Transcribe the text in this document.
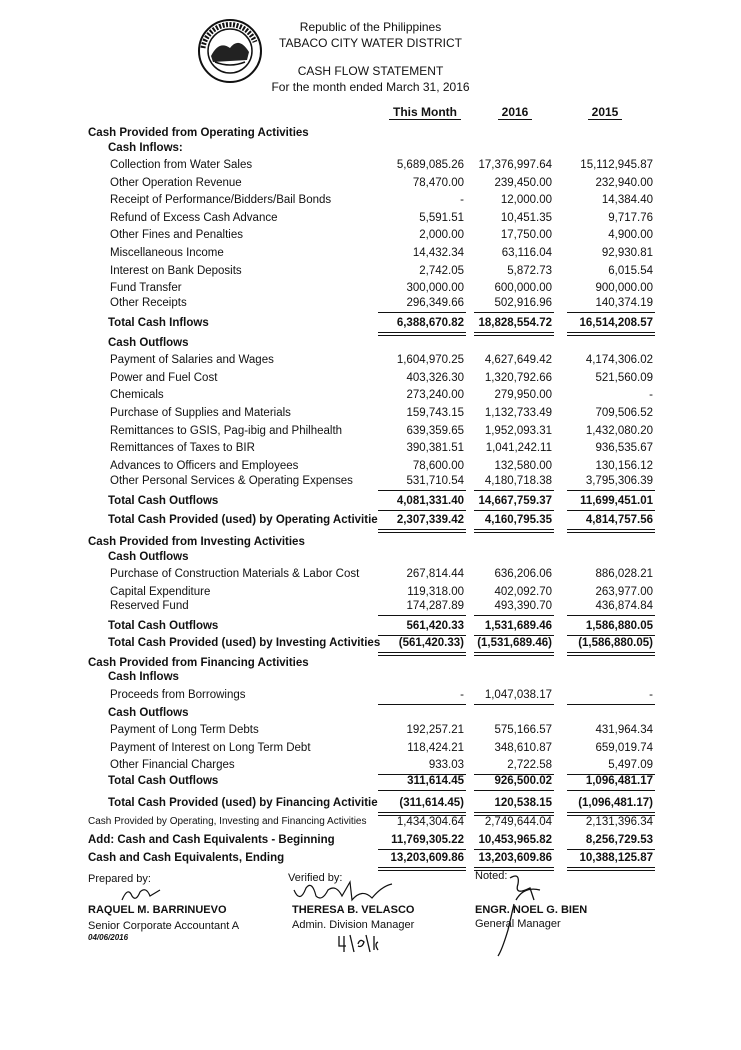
Republic of the Philippines
TABACO CITY WATER DISTRICT
CASH FLOW STATEMENT
For the month ended March 31, 2016
This Month	2016	2015
Cash Provided from Operating Activities
Cash Inflows:
Collection from Water Sales	5,689,085.26 17,376,997.64 15,112,945.87
Other Operation Revenue	78,470.00	239,450.00	232,940.00
Receipt of Performance/Bidders/Bail Bonds	-	12,000.00	14,384.40
Refund of Excess Cash Advance	5,591.51	10,451.35	9,717.76
Other Fines and Penalties	2,000.00	17,750.00	4,900.00
Miscellaneous Income	14,432.34	63,116.04	92,930.81
Interest on Bank Deposits	2,742.05	5,872.73	6,015.54
Fund Transfer	300,000.00	600,000.00	900,000.00
Other Receipts	296,349.66	502,916.96	140,374.19
Total Cash Inflows	6,388,670.82 18,828,554.72 16,514,208.57
Cash Outflows
Payment of Salaries and Wages	1,604,970.25 4,627,649.42	4,174,306.02
Power and Fuel Cost	403,326.30 1,320,792.66	521,560.09
Chemicals	273,240.00	279,950.00	-
Purchase of Supplies and Materials	159,743.15 1,132,733.49	709,506.52
Remittances to GSIS, Pag-ibig and Philhealth	639,359.65 1,952,093.31	1,432,080.20
Remittances of Taxes to BIR	390,381.51 1,041,242.11	936,535.67
Advances to Officers and Employees	78,600.00	132,580.00	130,156.12
Other Personal Services & Operating Expenses	531,710.54 4,180,718.38	3,795,306.39
Total Cash Outflows	4,081,331.40 14,667,759.37 11,699,451.01
Total Cash Provided (used) by Operating Activitie 2,307,339.42 4,160,795.35	4,814,757.56
Cash Provided from Investing Activities
Cash Outflows
Purchase of Construction Materials & Labor Cost	267,814.44	636,206.06	886,028.21
Capital Expenditure	119,318.00	402,092.70	263,977.00
Reserved Fund	174,287.89	493,390.70	436,874.84
Total Cash Outflows	561,420.33 1,531,689.46	1,586,880.05
Total Cash Provided (used) by Investing Activities (561,420.33) (1,531,689.46) (1,586,880.05)
Cash Provided from Financing Activities
Cash Inflows
Proceeds from Borrowings	- 1,047,038.17	-
Cash Outflows
Payment of Long Term Debts	192,257.21	575,166.57	431,964.34
Payment of Interest on Long Term Debt	118,424.21	348,610.87	659,019.74
Other Financial Charges	933.03	2,722.58	5,497.09
Total Cash Outflows	311,614.45	926,500.02	1,096,481.17
Total Cash Provided (used) by Financing Activitie (311,614.45)	120,538.15 (1,096,481.17)
Cash Provided by Operating, Investing and Financing Activities	1,434,304.64 2,749,644.04	2,131,396.34
Add: Cash and Cash Equivalents - Beginning	11,769,305.22 10,453,965.82	8,256,729.53
Cash and Cash Equivalents, Ending	13,203,609.86 13,203,609.86 10,388,125.87
Prepared by:
RAQUEL M. BARRINUEVO
Senior Corporate Accountant A
04/06/2016
Verified by:
THERESA B. VELASCO
Admin. Division Manager
Noted:
ENGR. NOEL G. BIEN
General Manager
